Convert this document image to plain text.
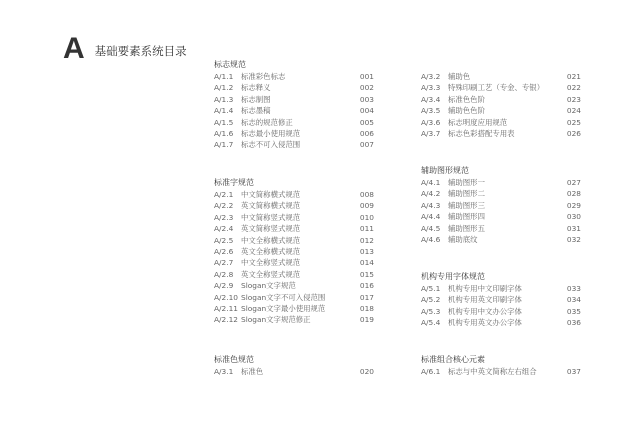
A 基础要素系统目录
标志规范
A/1.1	标准彩色标志	001
A/1.2	标志释义	002
A/1.3	标志制图	003
A/1.4	标志墨稿	004
A/1.5	标志的规范修正	005
A/1.6	标志最小使用规范	006
A/1.7	标志不可入侵范围	007
标准字规范
A/2.1	中文简称横式规范	008
A/2.2	英文简称横式规范	009
A/2.3	中文简称竖式规范	010
A/2.4	英文简称竖式规范	011
A/2.5	中文全称横式规范	012
A/2.6	英文全称横式规范	013
A/2.7	中文全称竖式规范	014
A/2.8	英文全称竖式规范	015
A/2.9	Slogan文字规范	016
A/2.10 Slogan文字不可入侵范围	017
A/2.11 Slogan文字最小使用规范	018
A/2.12 Slogan文字规范修正	019
标准色规范
A/3.1	标准色	020
A/3.2	辅助色	021
A/3.3	特殊印刷工艺（专金、专银）	022
A/3.4	标准色色阶	023
A/3.5	辅助色色阶	024
A/3.6	标志明度应用规范	025
A/3.7	标志色彩搭配专用表	026
辅助图形规范
A/4.1	辅助图形一	027
A/4.2	辅助图形二	028
A/4.3	辅助图形三	029
A/4.4	辅助图形四	030
A/4.5	辅助图形五	031
A/4.6	辅助底纹	032
机构专用字体规范
A/5.1	机构专用中文印刷字体	033
A/5.2	机构专用英文印刷字体	034
A/5.3	机构专用中文办公字体	035
A/5.4	机构专用英文办公字体	036
标准组合核心元素
A/6.1	标志与中英文简称左右组合	037
